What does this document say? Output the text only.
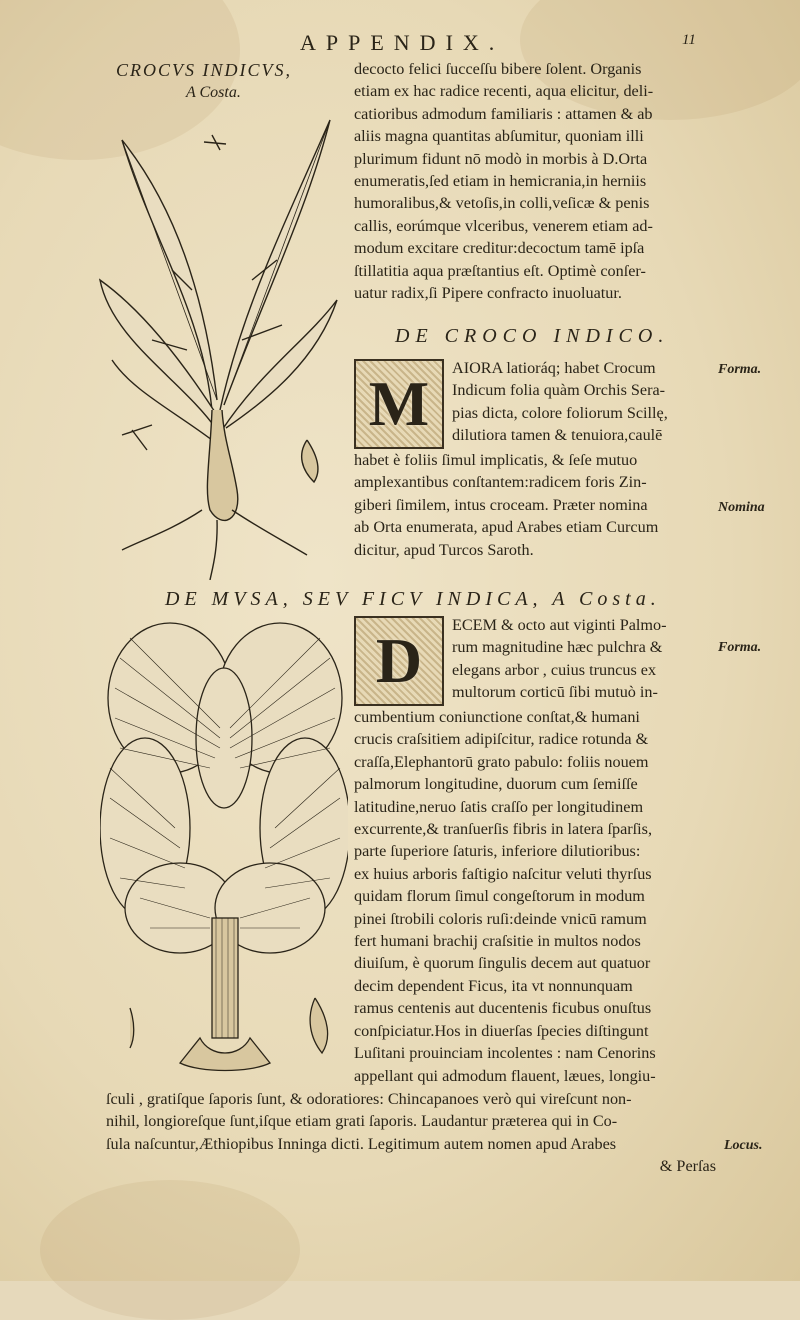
APPENDIX.	11
CROCVS INDICVS,
A Costa.
decocto felici ſucceſſu bibere ſolent. Organis
etiam ex hac radice recenti, aqua elicitur, deli-
catioribus admodum familiaris : attamen & ab
aliis magna quantitas abſumitur, quoniam illi
plurimum fidunt nō modò in morbis à D.Orta
enumeratis,ſed etiam in hemicrania,in herniis
humoralibus,& vetoſis,in colli,veſicæ & penis
callis, eorúmque vlceribus, venerem etiam ad-
modum excitare creditur:decoctum tamē ipſa
ſtillatitia aqua præſtantius eſt. Optimè conſer-
uatur radix,ſi Pipere confracto inuoluatur.
DE CROCO INDICO.
M	AIORA latioráq; habet Crocum
Indicum folia quàm Orchis Sera-
pias dicta, colore foliorum Scillę,
dilutiora tamen & tenuiora,caulē
habet è foliis ſimul implicatis, & ſeſe mutuo
amplexantibus conſtantem:radicem foris Zin-
giberi ſimilem, intus croceam. Præter nomina
ab Orta enumerata, apud Arabes etiam Curcum
dicitur, apud Turcos Saroth.
Forma.
Nomina
DE MVSA, SEV FICV INDICA, A Costa.
D	ECEM & octo aut viginti Palmo-
rum magnitudine hæc pulchra &
elegans arbor , cuius truncus ex
multorum corticū ſibi mutuò in-
cumbentium coniunctione conſtat,& humani
crucis craſsitiem adipiſcitur, radice rotunda &
craſſa,Elephantorū grato pabulo: foliis nouem
palmorum longitudine, duorum cum ſemiſſe
latitudine,neruo ſatis craſſo per longitudinem
excurrente,& tranſuerſis fibris in latera ſparſis,
parte ſuperiore ſaturis, inferiore dilutioribus:
ex huius arboris faſtigio naſcitur veluti thyrſus
quidam florum ſimul congeſtorum in modum
pinei ſtrobili coloris ruſi:deinde vnicū ramum
fert humani brachij craſsitie in multos nodos
diuiſum, è quorum ſingulis decem aut quatuor
decim dependent Ficus, ita vt nonnunquam
ramus centenis aut ducentenis ficubus onuſtus
conſpiciatur.Hos in diuerſas ſpecies diſtingunt
Luſitani prouinciam incolentes : nam Cenorins
appellant qui admodum flauent, læues, longiu-
Forma.
ſculi , gratiſque ſaporis ſunt, & odoratiores: Chincapanoes verò qui vireſcunt non-
nihil, longioreſque ſunt,iſque etiam grati ſaporis. Laudantur præterea qui in Co-
ſula naſcuntur,Æthiopibus Inninga dicti. Legitimum autem nomen apud Arabes
& Perſas
Locus.
